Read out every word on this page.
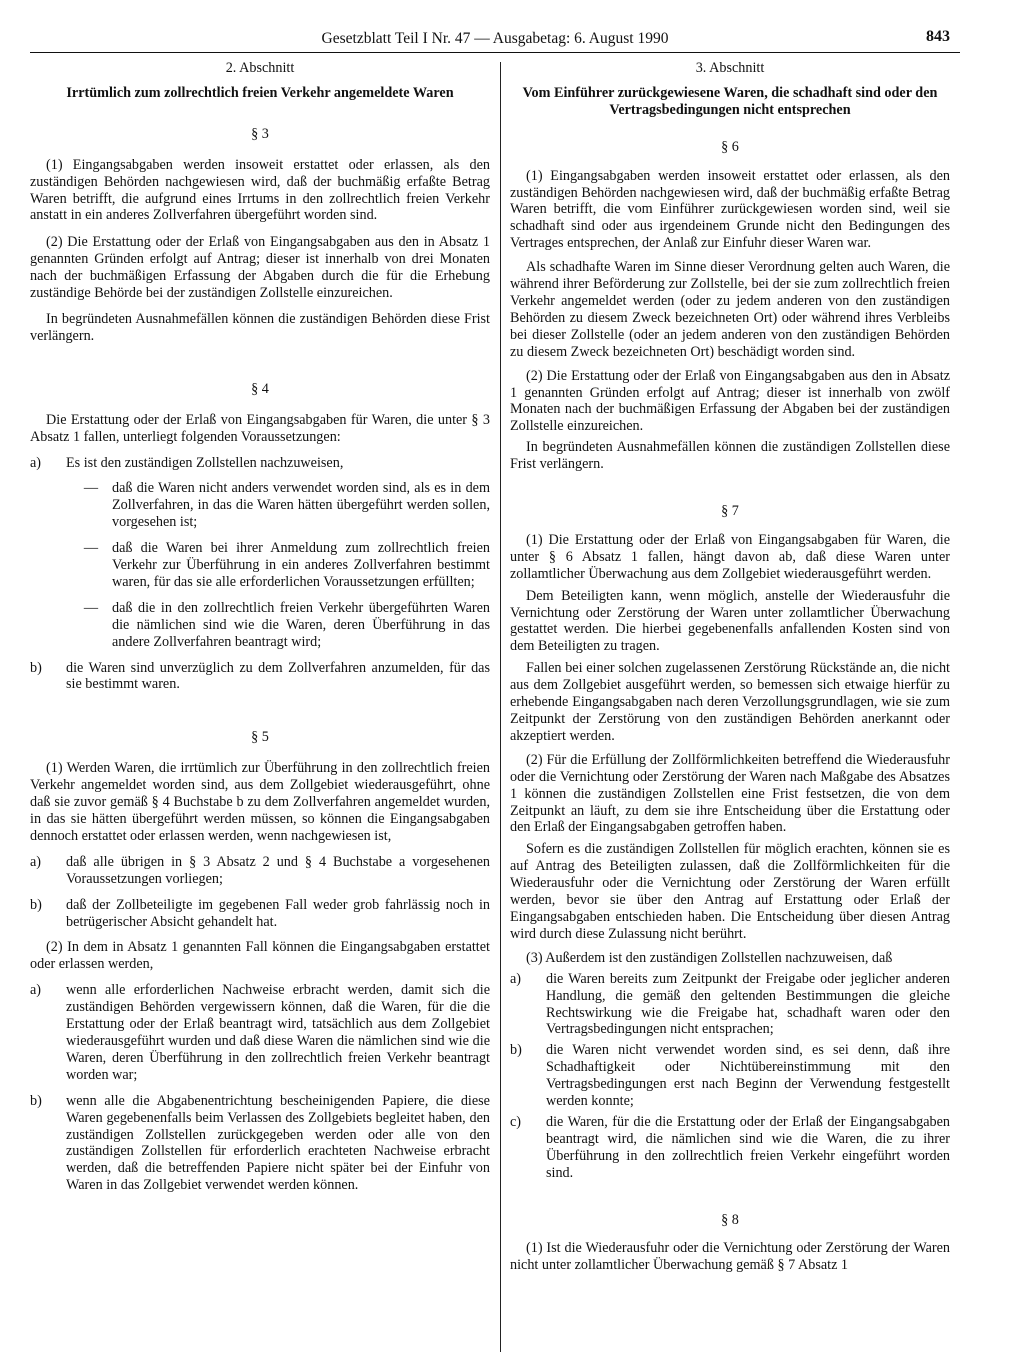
Gesetzblatt Teil I Nr. 47 — Ausgabetag: 6. August 1990	843

2. Abschnitt

Irrtümlich zum zollrechtlich freien Verkehr angemeldete Waren

§ 3

(1) Eingangsabgaben werden insoweit erstattet oder erlassen, als den zuständigen Behörden nachgewiesen wird, daß der buchmäßig erfaßte Betrag Waren betrifft, die aufgrund eines Irrtums in den zollrechtlich freien Verkehr anstatt in ein anderes Zollverfahren übergeführt worden sind.

(2) Die Erstattung oder der Erlaß von Eingangsabgaben aus den in Absatz 1 genannten Gründen erfolgt auf Antrag; dieser ist innerhalb von drei Monaten nach der buchmäßigen Erfassung der Abgaben durch die für die Erhebung zuständige Behörde bei der zuständigen Zollstelle einzureichen.

In begründeten Ausnahmefällen können die zuständigen Behörden diese Frist verlängern.

§ 4

Die Erstattung oder der Erlaß von Eingangsabgaben für Waren, die unter § 3 Absatz 1 fallen, unterliegt folgenden Voraussetzungen:

a)	Es ist den zuständigen Zollstellen nachzuweisen,
— daß die Waren nicht anders verwendet worden sind, als es in dem Zollverfahren, in das die Waren hätten übergeführt werden sollen, vorgesehen ist;
— daß die Waren bei ihrer Anmeldung zum zollrechtlich freien Verkehr zur Überführung in ein anderes Zollverfahren bestimmt waren, für das sie alle erforderlichen Voraussetzungen erfüllten;
— daß die in den zollrechtlich freien Verkehr übergeführten Waren die nämlichen sind wie die Waren, deren Überführung in das andere Zollverfahren beantragt wird;
b)	die Waren sind unverzüglich zu dem Zollverfahren anzumelden, für das sie bestimmt waren.

§ 5

(1) Werden Waren, die irrtümlich zur Überführung in den zollrechtlich freien Verkehr angemeldet worden sind, aus dem Zollgebiet wiederausgeführt, ohne daß sie zuvor gemäß § 4 Buchstabe b zu dem Zollverfahren angemeldet wurden, in das sie hätten übergeführt werden müssen, so können die Eingangsabgaben dennoch erstattet oder erlassen werden, wenn nachgewiesen ist,

a)	daß alle übrigen in § 3 Absatz 2 und § 4 Buchstabe a vorgesehenen Voraussetzungen vorliegen;
b)	daß der Zollbeteiligte im gegebenen Fall weder grob fahrlässig noch in betrügerischer Absicht gehandelt hat.

(2) In dem in Absatz 1 genannten Fall können die Eingangsabgaben erstattet oder erlassen werden,

a)	wenn alle erforderlichen Nachweise erbracht werden, damit sich die zuständigen Behörden vergewissern können, daß die Waren, für die die Erstattung oder der Erlaß beantragt wird, tatsächlich aus dem Zollgebiet wiederausgeführt wurden und daß diese Waren die nämlichen sind wie die Waren, deren Überführung in den zollrechtlich freien Verkehr beantragt worden war;
b)	wenn alle die Abgabenentrichtung bescheinigenden Papiere, die diese Waren gegebenenfalls beim Verlassen des Zollgebiets begleitet haben, den zuständigen Zollstellen zurückgegeben werden oder alle von den zuständigen Zollstellen für erforderlich erachteten Nachweise erbracht werden, daß die betreffenden Papiere nicht später bei der Einfuhr von Waren in das Zollgebiet verwendet werden können.

3. Abschnitt

Vom Einführer zurückgewiesene Waren, die schadhaft sind oder den Vertragsbedingungen nicht entsprechen

§ 6

(1) Eingangsabgaben werden insoweit erstattet oder erlassen, als den zuständigen Behörden nachgewiesen wird, daß der buchmäßig erfaßte Betrag Waren betrifft, die vom Einführer zurückgewiesen worden sind, weil sie schadhaft sind oder aus irgendeinem Grunde nicht den Bedingungen des Vertrages entsprechen, der Anlaß zur Einfuhr dieser Waren war.

Als schadhafte Waren im Sinne dieser Verordnung gelten auch Waren, die während ihrer Beförderung zur Zollstelle, bei der sie zum zollrechtlich freien Verkehr angemeldet werden (oder zu jedem anderen von den zuständigen Behörden zu diesem Zweck bezeichneten Ort) oder während ihres Verbleibs bei dieser Zollstelle (oder an jedem anderen von den zuständigen Behörden zu diesem Zweck bezeichneten Ort) beschädigt worden sind.

(2) Die Erstattung oder der Erlaß von Eingangsabgaben aus den in Absatz 1 genannten Gründen erfolgt auf Antrag; dieser ist innerhalb von zwölf Monaten nach der buchmäßigen Erfassung der Abgaben bei der zuständigen Zollstelle einzureichen.

In begründeten Ausnahmefällen können die zuständigen Zollstellen diese Frist verlängern.

§ 7

(1) Die Erstattung oder der Erlaß von Eingangsabgaben für Waren, die unter § 6 Absatz 1 fallen, hängt davon ab, daß diese Waren unter zollamtlicher Überwachung aus dem Zollgebiet wiederausgeführt werden.

Dem Beteiligten kann, wenn möglich, anstelle der Wiederausfuhr die Vernichtung oder Zerstörung der Waren unter zollamtlicher Überwachung gestattet werden. Die hierbei gegebenenfalls anfallenden Kosten sind von dem Beteiligten zu tragen.

Fallen bei einer solchen zugelassenen Zerstörung Rückstände an, die nicht aus dem Zollgebiet ausgeführt werden, so bemessen sich etwaige hierfür zu erhebende Eingangsabgaben nach deren Verzollungsgrundlagen, wie sie zum Zeitpunkt der Zerstörung von den zuständigen Behörden anerkannt oder akzeptiert werden.

(2) Für die Erfüllung der Zollförmlichkeiten betreffend die Wiederausfuhr oder die Vernichtung oder Zerstörung der Waren nach Maßgabe des Absatzes 1 können die zuständigen Zollstellen eine Frist festsetzen, die von dem Zeitpunkt an läuft, zu dem sie ihre Entscheidung über die Erstattung oder den Erlaß der Eingangsabgaben getroffen haben.

Sofern es die zuständigen Zollstellen für möglich erachten, können sie es auf Antrag des Beteiligten zulassen, daß die Zollförmlichkeiten für die Wiederausfuhr oder die Vernichtung oder Zerstörung der Waren erfüllt werden, bevor sie über den Antrag auf Erstattung oder Erlaß der Eingangsabgaben entschieden haben. Die Entscheidung über diesen Antrag wird durch diese Zulassung nicht berührt.

(3) Außerdem ist den zuständigen Zollstellen nachzuweisen, daß

a)	die Waren bereits zum Zeitpunkt der Freigabe oder jeglicher anderen Handlung, die gemäß den geltenden Bestimmungen die gleiche Rechtswirkung wie die Freigabe hat, schadhaft waren oder den Vertragsbedingungen nicht entsprachen;
b)	die Waren nicht verwendet worden sind, es sei denn, daß ihre Schadhaftigkeit oder Nichtübereinstimmung mit den Vertragsbedingungen erst nach Beginn der Verwendung festgestellt werden konnte;
c)	die Waren, für die die Erstattung oder der Erlaß der Eingangsabgaben beantragt wird, die nämlichen sind wie die Waren, die zu ihrer Überführung in den zollrechtlich freien Verkehr eingeführt worden sind.

§ 8

(1) Ist die Wiederausfuhr oder die Vernichtung oder Zerstörung der Waren nicht unter zollamtlicher Überwachung gemäß § 7 Absatz 1
